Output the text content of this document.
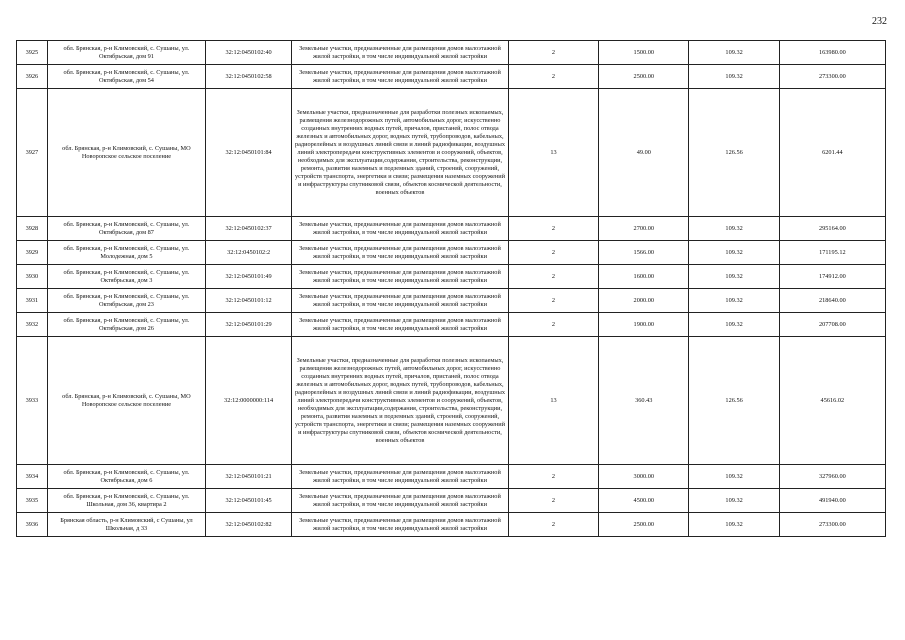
232
3925	обл. Брянская, р-н Климовский, с. Сушаны, ул. Октябрьская, дом 91	32:12:0450102:40	Земельные участки, предназначенные для размещения домов малоэтажной жилой застройки, в том числе индивидуальной жилой застройки	2	1500.00	109.32	163980.00
3926	обл. Брянская, р-н Климовский, с. Сушаны, ул. Октябрьская, дом 54	32:12:0450102:58	Земельные участки, предназначенные для размещения домов малоэтажной жилой застройки, в том числе индивидуальной жилой застройки	2	2500.00	109.32	273300.00
3927	обл. Брянская, р-н Климовский, с. Сушаны, МО Новоропское сельское поселение	32:12:0450101:84	Земельные участки, предназначенные для разработки полезных ископаемых, размещения железнодорожных путей, автомобильных дорог, искусственно созданных внутренних водных путей, причалов, пристаней, полос отвода железных и автомобильных дорог, водных путей, трубопроводов, кабельных, радиорелейных и воздушных линий связи и линий радиофикации, воздушных линий электропередачи конструктивных элементов и сооружений, объектов, необходимых для эксплуатации,содержания, строительства, реконструкции, ремонта, развития наземных и подземных зданий, строений, сооружений, устройств транспорта, энергетики и связи; размещения наземных сооружений и инфраструктуры спутниковой связи, объектов космической деятельности, военных объектов	13	49.00	126.56	6201.44
3928	обл. Брянская, р-н Климовский, с. Сушаны, ул. Октябрьская, дом 87	32:12:0450102:37	Земельные участки, предназначенные для размещения домов малоэтажной жилой застройки, в том числе индивидуальной жилой застройки	2	2700.00	109.32	295164.00
3929	обл. Брянская, р-н Климовский, с. Сушаны, ул. Молодежная, дом 5	32:12:0450102:2	Земельные участки, предназначенные для размещения домов малоэтажной жилой застройки, в том числе индивидуальной жилой застройки	2	1566.00	109.32	171195.12
3930	обл. Брянская, р-н Климовский, с. Сушаны, ул. Октябрьская, дом 3	32:12:0450101:49	Земельные участки, предназначенные для размещения домов малоэтажной жилой застройки, в том числе индивидуальной жилой застройки	2	1600.00	109.32	174912.00
3931	обл. Брянская, р-н Климовский, с. Сушаны, ул. Октябрьская, дом 23	32:12:0450101:12	Земельные участки, предназначенные для размещения домов малоэтажной жилой застройки, в том числе индивидуальной жилой застройки	2	2000.00	109.32	218640.00
3932	обл. Брянская, р-н Климовский, с. Сушаны, ул. Октябрьская, дом 26	32:12:0450101:29	Земельные участки, предназначенные для размещения домов малоэтажной жилой застройки, в том числе индивидуальной жилой застройки	2	1900.00	109.32	207708.00
3933	обл. Брянская, р-н Климовский, с. Сушаны, МО Новоропское сельское поселение	32:12:0000000:114	Земельные участки, предназначенные для разработки полезных ископаемых, размещения железнодорожных путей, автомобильных дорог, искусственно созданных внутренних водных путей, причалов, пристаней, полос отвода железных и автомобильных дорог, водных путей, трубопроводов, кабельных, радиорелейных и воздушных линий связи и линий радиофикации, воздушных линий электропередачи конструктивных элементов и сооружений, объектов, необходимых для эксплуатации,содержания, строительства, реконструкции, ремонта, развития наземных и подземных зданий, строений, сооружений, устройств транспорта, энергетики и связи; размещения наземных сооружений и инфраструктуры спутниковой связи, объектов космической деятельности, военных объектов	13	360.43	126.56	45616.02
3934	обл. Брянская, р-н Климовский, с. Сушаны, ул. Октябрьская, дом 6	32:12:0450101:21	Земельные участки, предназначенные для размещения домов малоэтажной жилой застройки, в том числе индивидуальной жилой застройки	2	3000.00	109.32	327960.00
3935	обл. Брянская, р-н Климовский, с. Сушаны, ул. Школьная, дом 36, квартира 2	32:12:0450101:45	Земельные участки, предназначенные для размещения домов малоэтажной жилой застройки, в том числе индивидуальной жилой застройки	2	4500.00	109.32	491940.00
3936	Брянская область, р-н Климовский, с Сушаны, ул Школьная, д 33	32:12:0450102:82	Земельные участки, предназначенные для размещения домов малоэтажной жилой застройки, в том числе индивидуальной жилой застройки	2	2500.00	109.32	273300.00
